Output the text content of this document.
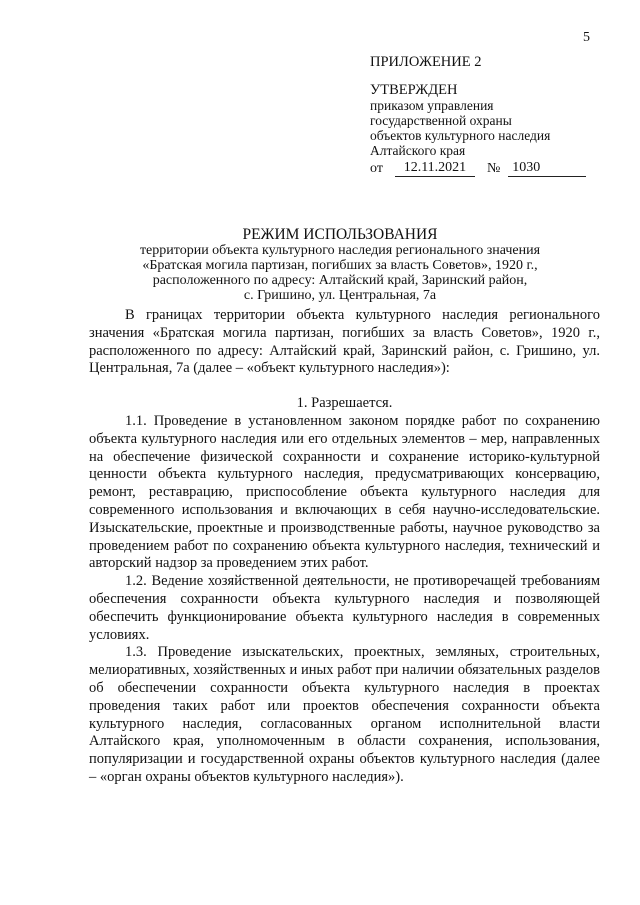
5

ПРИЛОЖЕНИЕ 2

УТВЕРЖДЕН

приказом управления

государственной охраны

объектов культурного наследия

Алтайского края

от	12.11.2021	№ 1030

РЕЖИМ ИСПОЛЬЗОВАНИЯ

территории объекта культурного наследия регионального значения

«Братская могила партизан, погибших за власть Советов», 1920 г.,

расположенного по адресу: Алтайский край, Заринский район,

с. Гришино, ул. Центральная, 7а

В границах территории объекта культурного наследия регионального значения «Братская могила партизан, погибших за власть Советов», 1920 г., расположенного по адресу: Алтайский край, Заринский район, с. Гришино, ул. Центральная, 7а (далее – «объект культурного наследия»):

1. Разрешается.

1.1. Проведение в установленном законом порядке работ по сохранению объекта культурного наследия или его отдельных элементов – мер, направленных на обеспечение физической сохранности и сохранение историко-культурной ценности объекта культурного наследия, предусматривающих консервацию, ремонт, реставрацию, приспособление объекта культурного наследия для современного использования и включающих в себя научно-исследовательские. Изыскательские, проектные и производственные работы, научное руководство за проведением работ по сохранению объекта культурного наследия, технический и авторский надзор за проведением этих работ.

1.2. Ведение хозяйственной деятельности, не противоречащей требованиям обеспечения сохранности объекта культурного наследия и позволяющей обеспечить функционирование объекта культурного наследия в современных условиях.

1.3. Проведение изыскательских, проектных, земляных, строительных, мелиоративных, хозяйственных и иных работ при наличии обязательных разделов об обеспечении сохранности объекта культурного наследия в проектах проведения таких работ или проектов обеспечения сохранности объекта культурного наследия, согласованных органом исполнительной власти Алтайского края, уполномоченным в области сохранения, использования, популяризации и государственной охраны объектов культурного наследия (далее – «орган охраны объектов культурного наследия»).
